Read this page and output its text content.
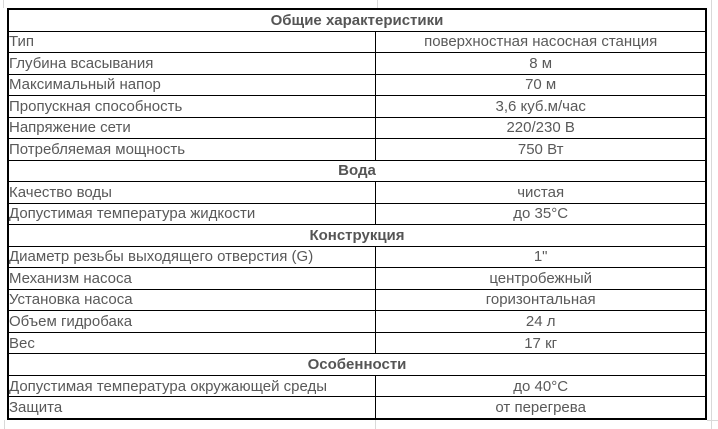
Общие характеристики	
Тип	поверхностная насосная станция
Глубина всасывания	8 м
Максимальный напор	70 м
Пропускная способность	3,6 куб.м/час
Напряжение сети	220/230 В
Потребляемая мощность	750 Вт
Вода	
Качество воды	чистая
Допустимая температура жидкости	до 35°С
Конструкция	
Диаметр резьбы выходящего отверстия (G)	1"
Механизм насоса	центробежный
Установка насоса	горизонтальная
Объем гидробака	24 л
Вес	17 кг
Особенности	
Допустимая температура окружающей среды	до 40°С
Защита	от перегрева
